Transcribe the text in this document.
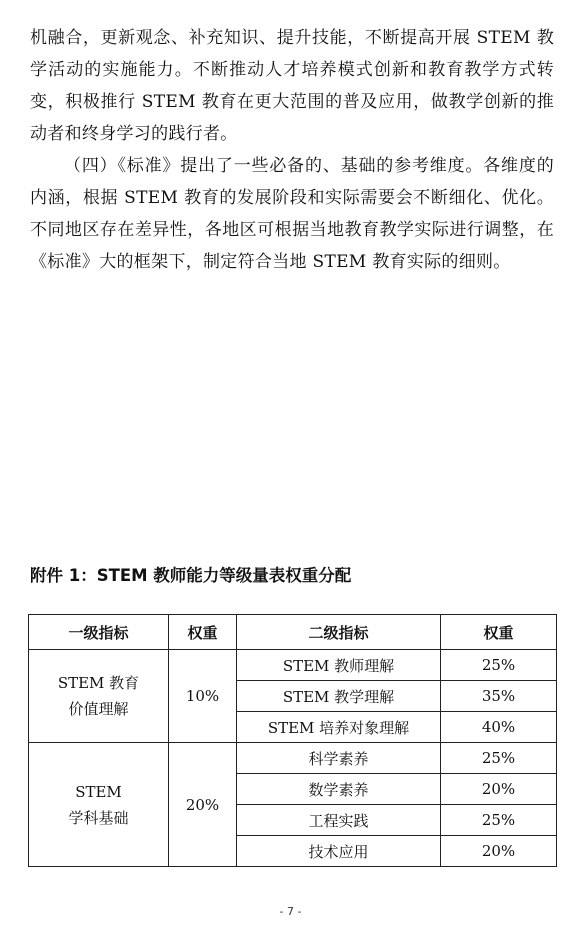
机融合，更新观念、补充知识、提升技能，不断提高开展 STEM 教学活动的实施能力。不断推动人才培养模式创新和教育教学方式转变，积极推行 STEM 教育在更大范围的普及应用，做教学创新的推动者和终身学习的践行者。

（四）《标准》提出了一些必备的、基础的参考维度。各维度的内涵，根据 STEM 教育的发展阶段和实际需要会不断细化、优化。不同地区存在差异性，各地区可根据当地教育教学实际进行调整，在《标准》大的框架下，制定符合当地 STEM 教育实际的细则。

附件 1：STEM 教师能力等级量表权重分配
一级指标	权重	二级指标	权重

STEM 教育
价值理解	10%	STEM 教师理解	25%
		STEM 教学理解	35%
		STEM 培养对象理解	40%

STEM
学科基础	20%	科学素养	25%
		数学素养	20%
		工程实践	25%
		技术应用	20%
- 7 -
